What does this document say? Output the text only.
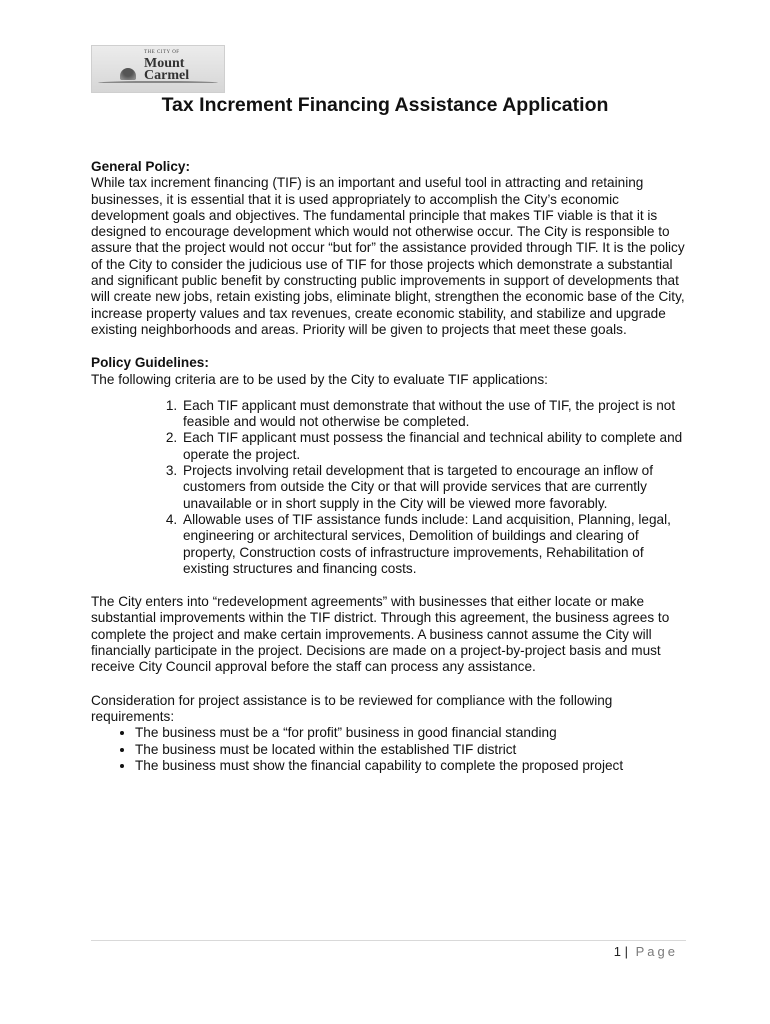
THE CITY OF
Mount
Carmel
Tax Increment Financing Assistance Application

General Policy:

While tax increment financing (TIF) is an important and useful tool in attracting and retaining businesses, it is essential that it is used appropriately to accomplish the City’s economic development goals and objectives. The fundamental principle that makes TIF viable is that it is designed to encourage development which would not otherwise occur. The City is responsible to assure that the project would not occur “but for” the assistance provided through TIF. It is the policy of the City to consider the judicious use of TIF for those projects which demonstrate a substantial and significant public benefit by constructing public improvements in support of developments that will create new jobs, retain existing jobs, eliminate blight, strengthen the economic base of the City, increase property values and tax revenues, create economic stability, and stabilize and upgrade existing neighborhoods and areas. Priority will be given to projects that meet these goals.

Policy Guidelines:

The following criteria are to be used by the City to evaluate TIF applications:

1. Each TIF applicant must demonstrate that without the use of TIF, the project is not feasible and would not otherwise be completed.
2. Each TIF applicant must possess the financial and technical ability to complete and operate the project.
3. Projects involving retail development that is targeted to encourage an inflow of customers from outside the City or that will provide services that are currently unavailable or in short supply in the City will be viewed more favorably.
4. Allowable uses of TIF assistance funds include: Land acquisition, Planning, legal, engineering or architectural services, Demolition of buildings and clearing of property, Construction costs of infrastructure improvements, Rehabilitation of existing structures and financing costs.

The City enters into “redevelopment agreements” with businesses that either locate or make substantial improvements within the TIF district. Through this agreement, the business agrees to complete the project and make certain improvements. A business cannot assume the City will financially participate in the project. Decisions are made on a project-by-project basis and must receive City Council approval before the staff can process any assistance.

Consideration for project assistance is to be reviewed for compliance with the following requirements:

• The business must be a “for profit” business in good financial standing
• The business must be located within the established TIF district
• The business must show the financial capability to complete the proposed project
1 | Page
